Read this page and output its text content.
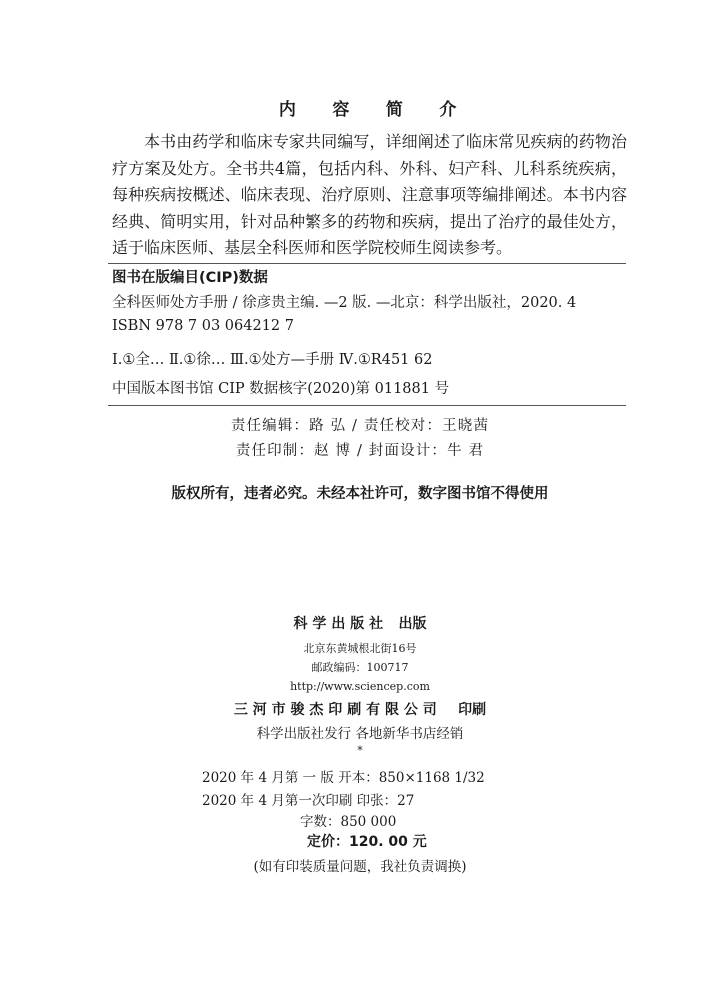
内 容 简 介

本书由药学和临床专家共同编写，详细阐述了临床常见疾病的药物治疗方案及处方。全书共4篇，包括内科、外科、妇产科、儿科系统疾病，每种疾病按概述、临床表现、治疗原则、注意事项等编排阐述。本书内容经典、简明实用，针对品种繁多的药物和疾病，提出了治疗的最佳处方，适于临床医师、基层全科医师和医学院校师生阅读参考。

图书在版编目(CIP)数据
全科医师处方手册 / 徐彦贵主编. —2 版. —北京：科学出版社，2020. 4
ISBN 978 7 03 064212 7
Ⅰ.①全… Ⅱ.①徐… Ⅲ.①处方—手册 Ⅳ.①R451 62
中国版本图书馆 CIP 数据核字(2020)第 011881 号
责任编辑：路 弘 / 责任校对：王晓茜
责任印制：赵 博 / 封面设计：牛 君
版权所有，违者必究。未经本社许可，数字图书馆不得使用
科学出版社 出版
北京东黄城根北街16号
邮政编码：100717
http://www.sciencep.com
三河市骏杰印刷有限公司 印刷
科学出版社发行 各地新华书店经销
*
2020 年 4 月第 一 版 开本：850×1168 1/32
2020 年 4 月第一次印刷 印张：27
字数：850 000
定价：120. 00 元
(如有印装质量问题，我社负责调换)
